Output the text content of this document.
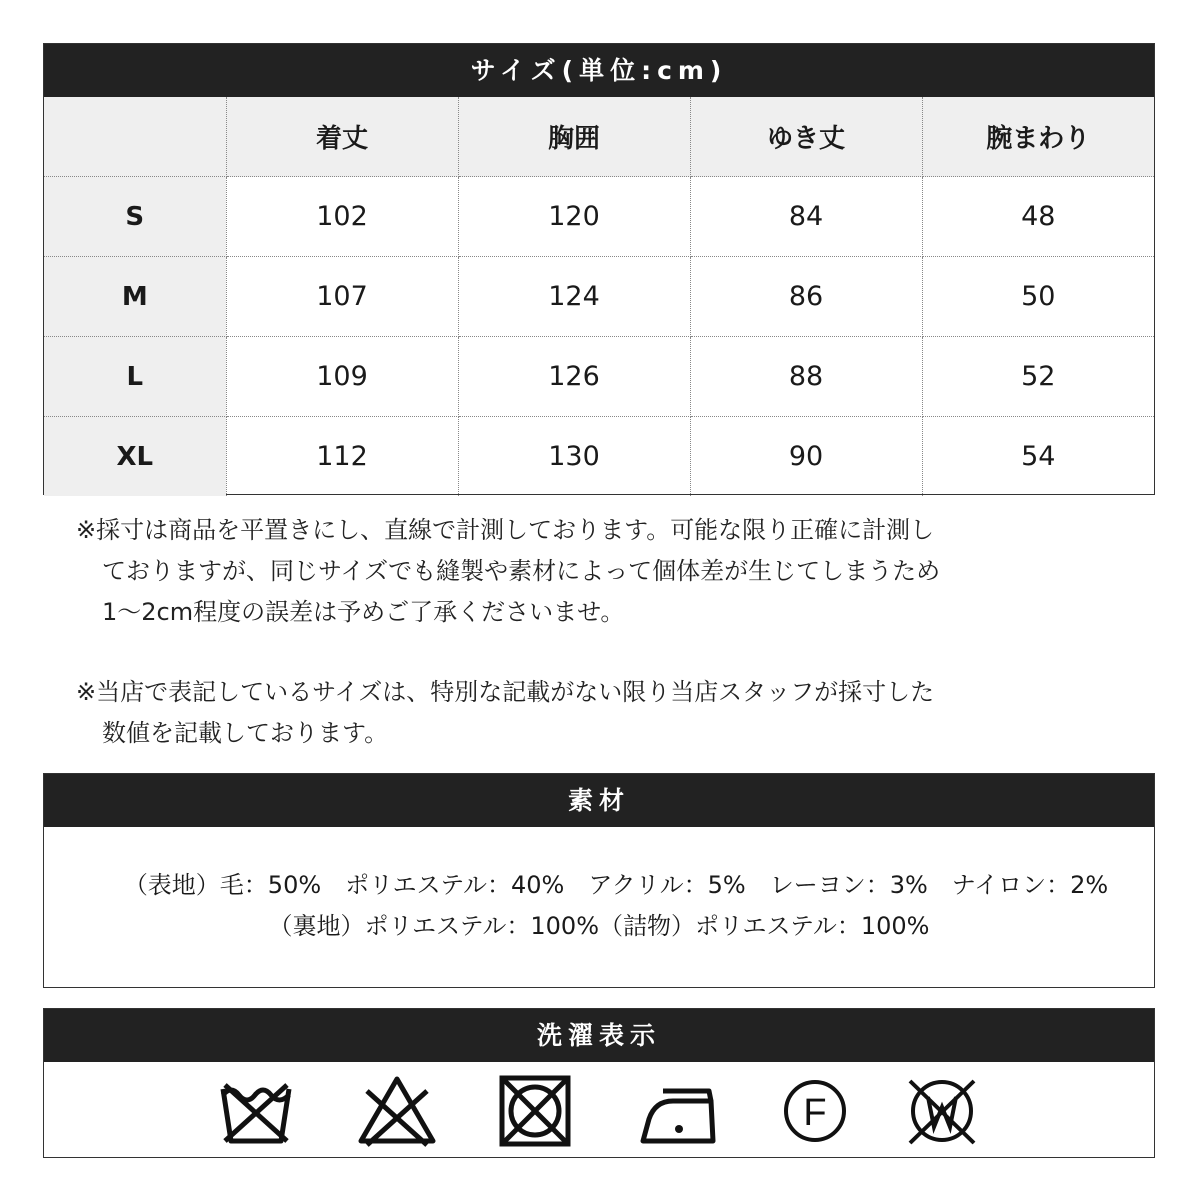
サイズ(単位:cm)
	着丈	胸囲	ゆき丈	腕まわり
S	102	120	84	48
M	107	124	86	50
L	109	126	88	52
XL	112	130	90	54

※採寸は商品を平置きにし、直線で計測しております。可能な限り正確に計測し

ておりますが、同じサイズでも縫製や素材によって個体差が生じてしまうため

1～2cm程度の誤差は予めご了承くださいませ。

※当店で表記しているサイズは、特別な記載がない限り当店スタッフが採寸した

数値を記載しております。

素材
（表地）毛：50%　ポリエステル：40%　アクリル：5%　レーヨン：3%　ナイロン：2%
（裏地）ポリエステル：100%（詰物）ポリエステル：100%
洗濯表示
F
